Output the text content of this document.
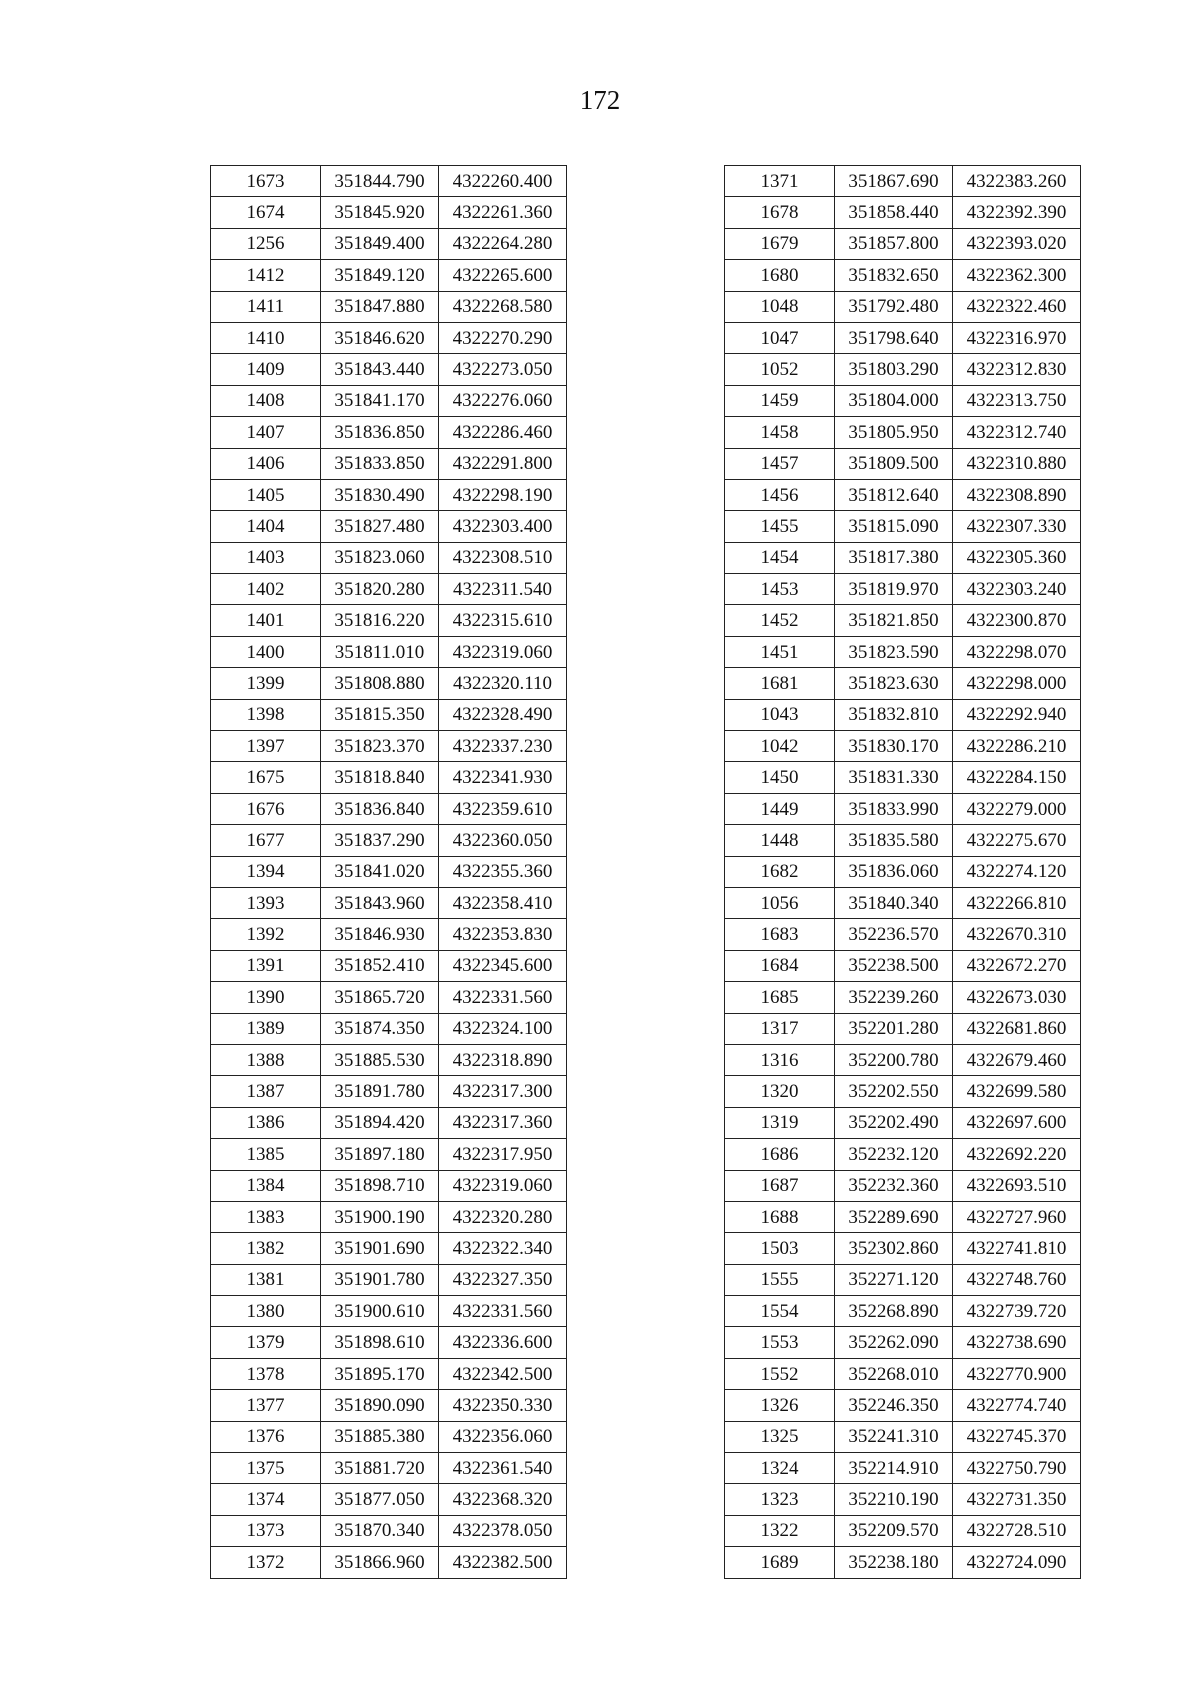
172
1673	351844.790	4322260.400
1674	351845.920	4322261.360
1256	351849.400	4322264.280
1412	351849.120	4322265.600
1411	351847.880	4322268.580
1410	351846.620	4322270.290
1409	351843.440	4322273.050
1408	351841.170	4322276.060
1407	351836.850	4322286.460
1406	351833.850	4322291.800
1405	351830.490	4322298.190
1404	351827.480	4322303.400
1403	351823.060	4322308.510
1402	351820.280	4322311.540
1401	351816.220	4322315.610
1400	351811.010	4322319.060
1399	351808.880	4322320.110
1398	351815.350	4322328.490
1397	351823.370	4322337.230
1675	351818.840	4322341.930
1676	351836.840	4322359.610
1677	351837.290	4322360.050
1394	351841.020	4322355.360
1393	351843.960	4322358.410
1392	351846.930	4322353.830
1391	351852.410	4322345.600
1390	351865.720	4322331.560
1389	351874.350	4322324.100
1388	351885.530	4322318.890
1387	351891.780	4322317.300
1386	351894.420	4322317.360
1385	351897.180	4322317.950
1384	351898.710	4322319.060
1383	351900.190	4322320.280
1382	351901.690	4322322.340
1381	351901.780	4322327.350
1380	351900.610	4322331.560
1379	351898.610	4322336.600
1378	351895.170	4322342.500
1377	351890.090	4322350.330
1376	351885.380	4322356.060
1375	351881.720	4322361.540
1374	351877.050	4322368.320
1373	351870.340	4322378.050
1372	351866.960	4322382.500
1371	351867.690	4322383.260
1678	351858.440	4322392.390
1679	351857.800	4322393.020
1680	351832.650	4322362.300
1048	351792.480	4322322.460
1047	351798.640	4322316.970
1052	351803.290	4322312.830
1459	351804.000	4322313.750
1458	351805.950	4322312.740
1457	351809.500	4322310.880
1456	351812.640	4322308.890
1455	351815.090	4322307.330
1454	351817.380	4322305.360
1453	351819.970	4322303.240
1452	351821.850	4322300.870
1451	351823.590	4322298.070
1681	351823.630	4322298.000
1043	351832.810	4322292.940
1042	351830.170	4322286.210
1450	351831.330	4322284.150
1449	351833.990	4322279.000
1448	351835.580	4322275.670
1682	351836.060	4322274.120
1056	351840.340	4322266.810
1683	352236.570	4322670.310
1684	352238.500	4322672.270
1685	352239.260	4322673.030
1317	352201.280	4322681.860
1316	352200.780	4322679.460
1320	352202.550	4322699.580
1319	352202.490	4322697.600
1686	352232.120	4322692.220
1687	352232.360	4322693.510
1688	352289.690	4322727.960
1503	352302.860	4322741.810
1555	352271.120	4322748.760
1554	352268.890	4322739.720
1553	352262.090	4322738.690
1552	352268.010	4322770.900
1326	352246.350	4322774.740
1325	352241.310	4322745.370
1324	352214.910	4322750.790
1323	352210.190	4322731.350
1322	352209.570	4322728.510
1689	352238.180	4322724.090
